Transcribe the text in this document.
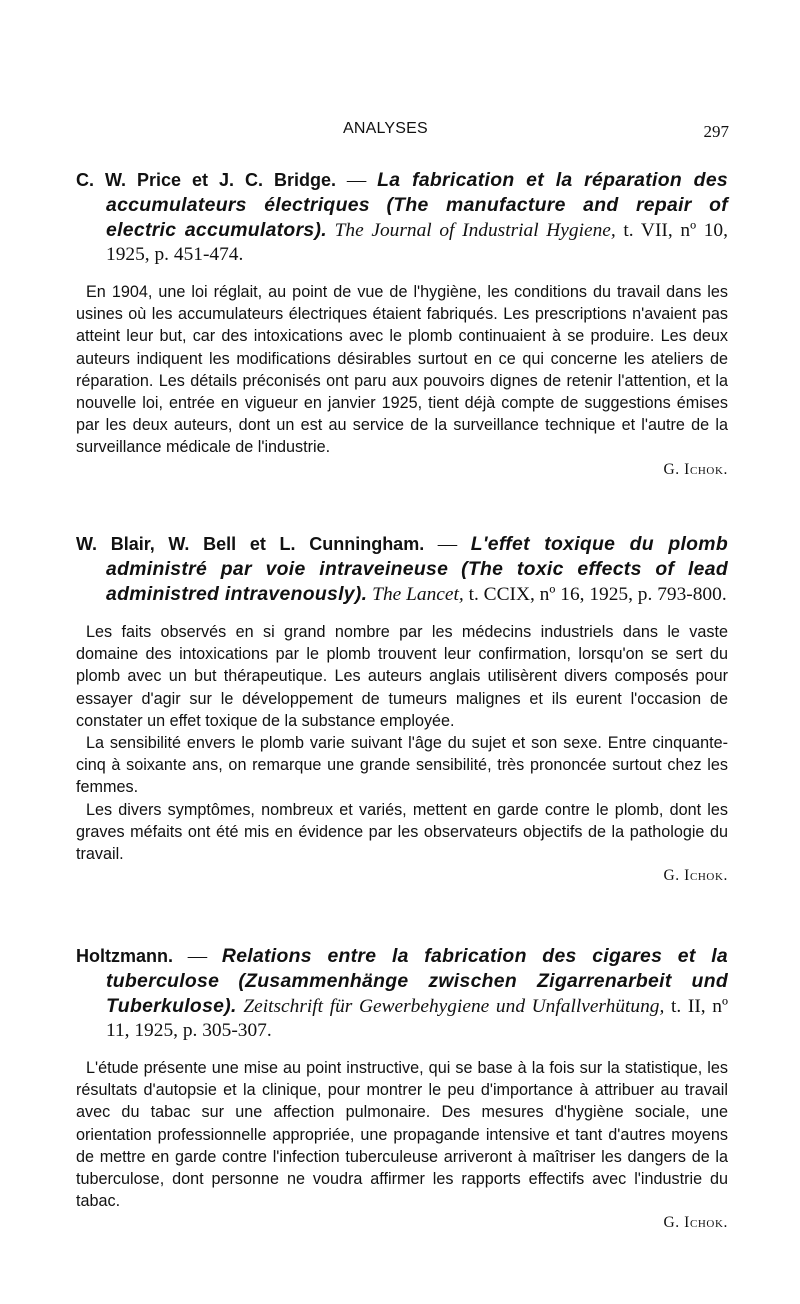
ANALYSES	297
C. W. Price et J. C. Bridge. — La fabrication et la réparation des accumulateurs électriques (The manufacture and repair of electric accumulators). The Journal of Industrial Hygiene, t. VII, nº 10, 1925, p. 451-474.

En 1904, une loi réglait, au point de vue de l'hygiène, les conditions du travail dans les usines où les accumulateurs électriques étaient fabriqués. Les prescriptions n'avaient pas atteint leur but, car des intoxications avec le plomb continuaient à se produire. Les deux auteurs indiquent les modifications désirables surtout en ce qui concerne les ateliers de réparation. Les détails préconisés ont paru aux pouvoirs dignes de retenir l'attention, et la nouvelle loi, entrée en vigueur en janvier 1925, tient déjà compte de suggestions émises par les deux auteurs, dont un est au service de la surveillance technique et l'autre de la surveillance médicale de l'industrie.

G. Ichok.
W. Blair, W. Bell et L. Cunningham. — L'effet toxique du plomb administré par voie intraveineuse (The toxic effects of lead administred intravenously). The Lancet, t. CCIX, nº 16, 1925, p. 793-800.

Les faits observés en si grand nombre par les médecins industriels dans le vaste domaine des intoxications par le plomb trouvent leur confirmation, lorsqu'on se sert du plomb avec un but thérapeutique. Les auteurs anglais utilisèrent divers composés pour essayer d'agir sur le développement de tumeurs malignes et ils eurent l'occasion de constater un effet toxique de la substance employée.

La sensibilité envers le plomb varie suivant l'âge du sujet et son sexe. Entre cinquante-cinq à soixante ans, on remarque une grande sensibilité, très prononcée surtout chez les femmes.

Les divers symptômes, nombreux et variés, mettent en garde contre le plomb, dont les graves méfaits ont été mis en évidence par les observateurs objectifs de la pathologie du travail.

G. Ichok.
Holtzmann. — Relations entre la fabrication des cigares et la tuberculose (Zusammenhänge zwischen Zigarrenarbeit und Tuberkulose). Zeitschrift für Gewerbehygiene und Unfallverhütung, t. II, nº 11, 1925, p. 305-307.

L'étude présente une mise au point instructive, qui se base à la fois sur la statistique, les résultats d'autopsie et la clinique, pour montrer le peu d'importance à attribuer au travail avec du tabac sur une affection pulmonaire. Des mesures d'hygiène sociale, une orientation professionnelle appropriée, une propagande intensive et tant d'autres moyens de mettre en garde contre l'infection tuberculeuse arriveront à maîtriser les dangers de la tuberculose, dont personne ne voudra affirmer les rapports effectifs avec l'industrie du tabac.

G. Ichok.
